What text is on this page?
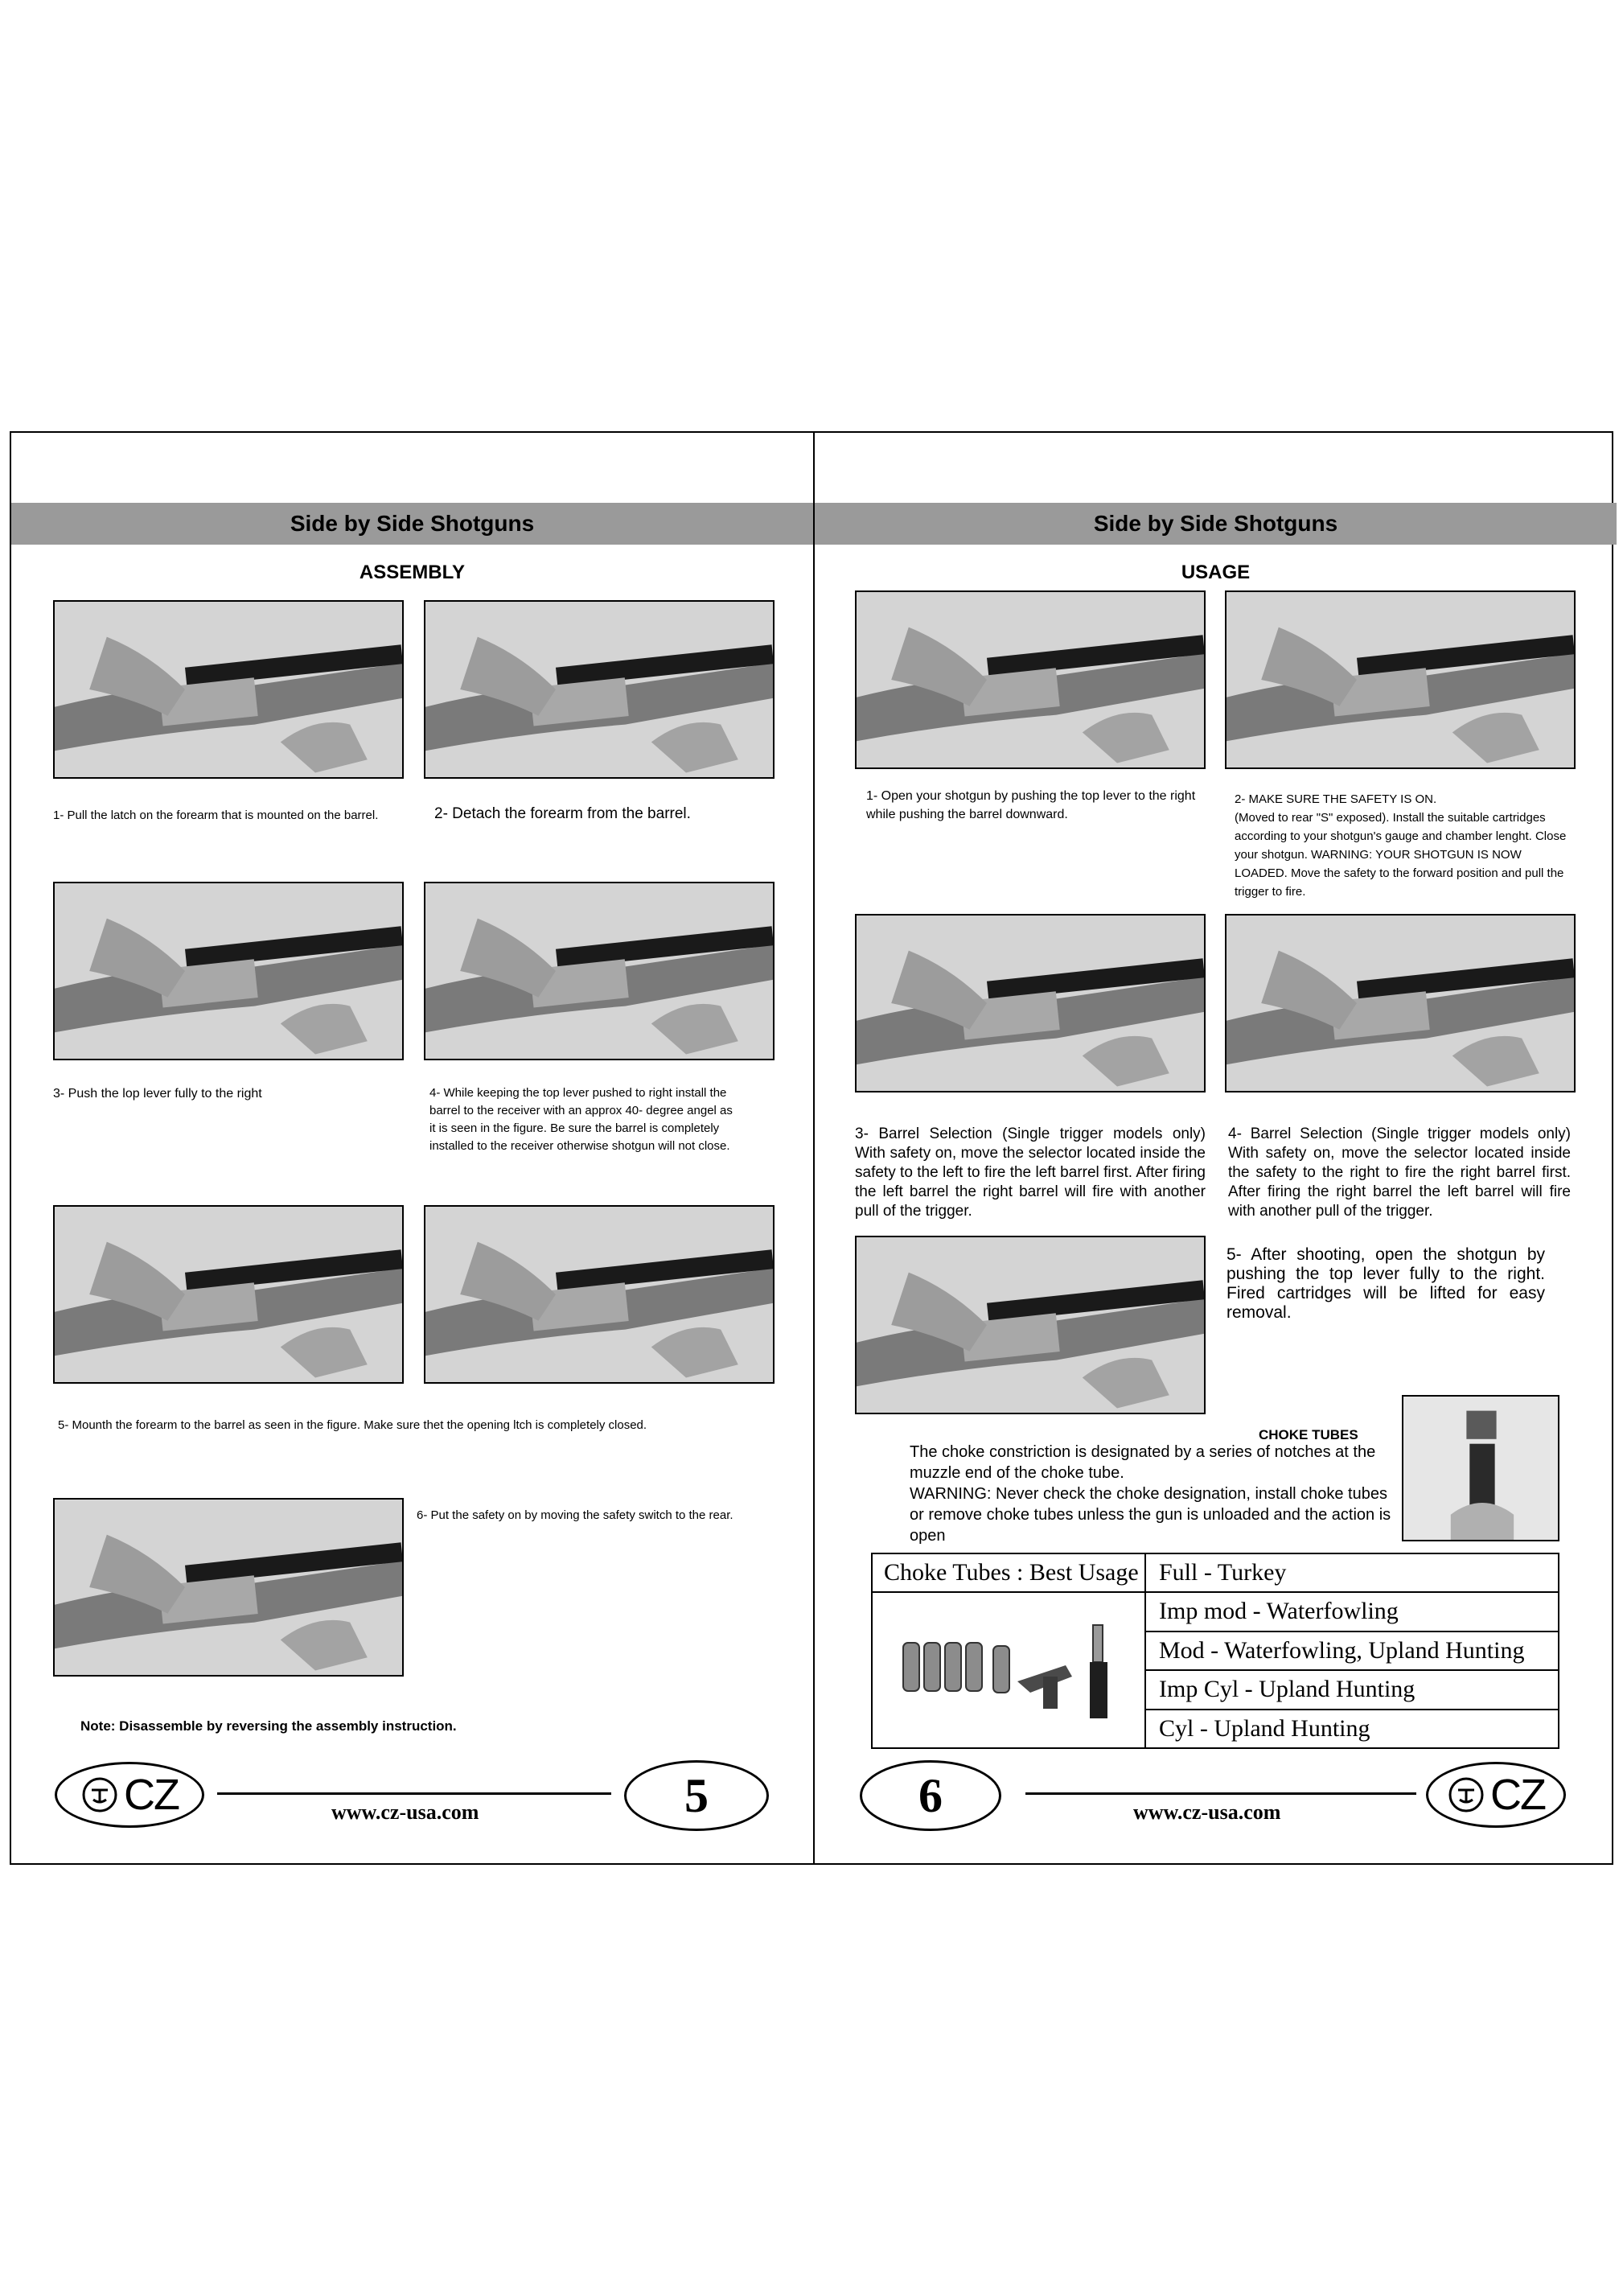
Side by Side Shotguns
ASSEMBLY
1- Pull the latch on the forearm that is mounted on the barrel.	2- Detach the forearm from the barrel.
3- Push the lop lever fully to the right	4- While keeping the top lever pushed to right install the barrel to the receiver with an approx 40- degree angel as it is seen in the figure. Be sure the barrel is completely installed to the receiver otherwise shotgun will not close.
5- Mounth the forearm to the barrel as seen in the figure. Make sure thet the opening ltch is completely closed.
6- Put the safety on by moving the safety switch to the rear.
Note: Disassemble by reversing the assembly instruction.
CZ	www.cz-usa.com	5
Side by Side Shotguns
USAGE
1- Open your shotgun by pushing the top lever to the right while pushing the barrel downward.
2- MAKE SURE THE SAFETY IS ON.
(Moved to rear "S" exposed). Install the suitable cartridges according to your shotgun's gauge and chamber lenght. Close your shotgun. WARNING: YOUR SHOTGUN IS NOW LOADED. Move the safety to the forward position and pull the trigger to fire.
3- Barrel Selection (Single trigger models only) With safety on, move the selector located inside the safety to the left to fire the left barrel first. After firing the left barrel the right barrel will fire with another pull of the trigger.
4- Barrel Selection (Single trigger models only) With safety on, move the selector located inside the safety to the right to fire the right barrel first. After firing the right barrel the left barrel will fire with another pull of the trigger.
5- After shooting, open the shotgun by pushing the top lever fully to the right. Fired cartridges will be lifted for easy removal.
CHOKE TUBES
The choke constriction is designated by a series of notches at the muzzle end of the choke tube.
WARNING: Never check the choke designation, install choke tubes or remove choke tubes unless the gun is unloaded and the action is open
Choke Tubes : Best Usage	Full - Turkey
	Imp mod - Waterfowling
	Mod - Waterfowling, Upland Hunting
	Imp Cyl - Upland Hunting
	Cyl - Upland Hunting
6	www.cz-usa.com	CZ
